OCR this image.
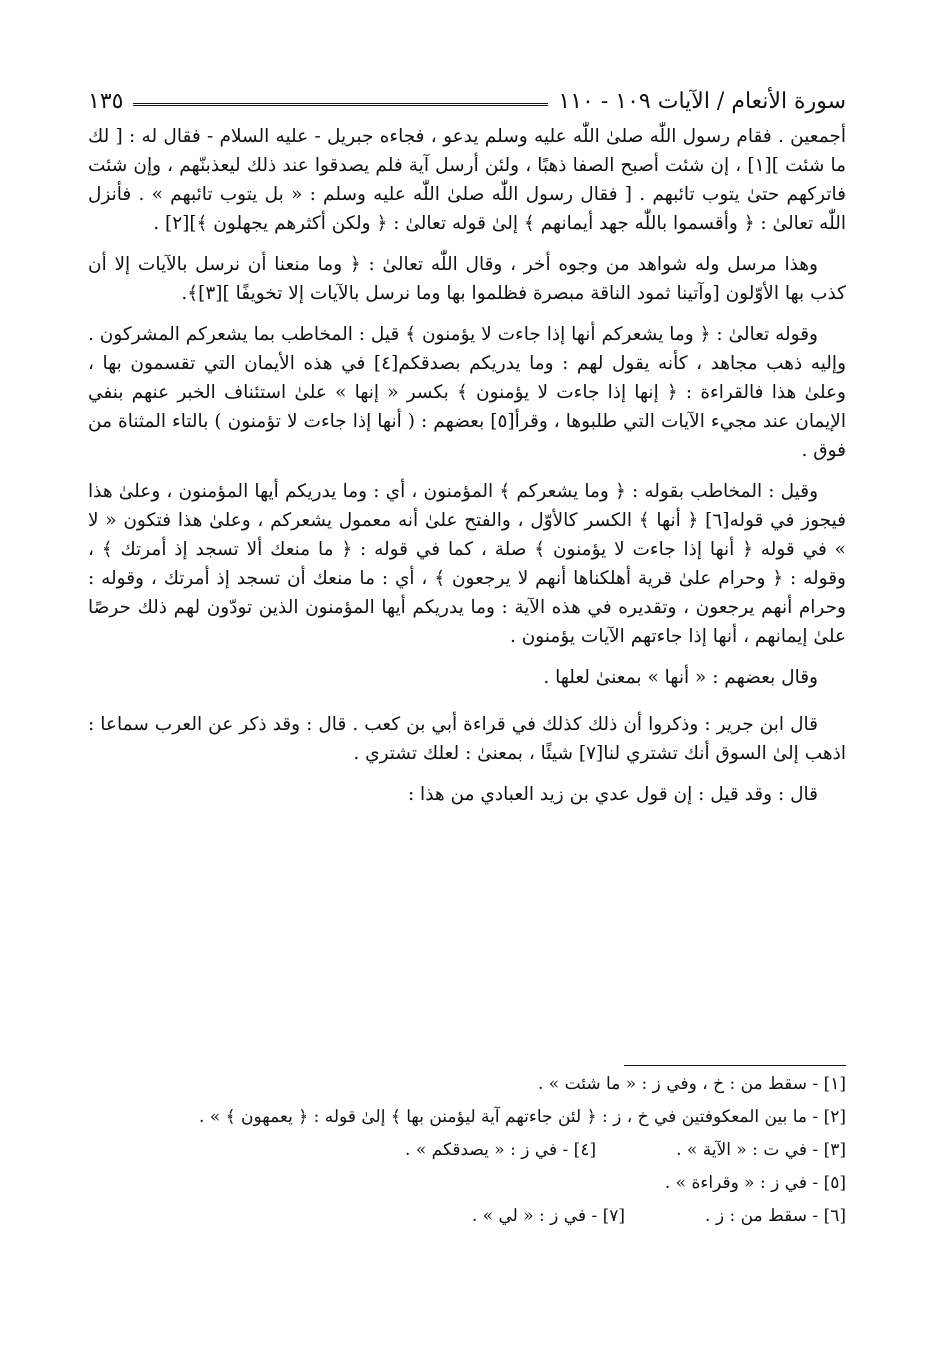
سورة الأنعام / الآيات ١٠٩ - ١١٠
١٣٥

أجمعين . فقام رسول اللّٰه صلىٰ اللّٰه عليه وسلم يدعو ، فجاءه جبريل - عليه السلام - فقال له : [ لك ما شئت ][١] ، إن شئت أصبح الصفا ذهبًا ، ولئن أرسل آية فلم يصدقوا عند ذلك ليعذبنّهم ، وإن شئت فاتركهم حتىٰ يتوب تائبهم . [ فقال رسول اللّٰه صلىٰ اللّٰه عليه وسلم : « بل يتوب تائبهم » . فأنزل اللّٰه تعالىٰ : ﴿ وأقسموا باللّٰه جهد أيمانهم ﴾ إلىٰ قوله تعالىٰ : ﴿ ولكن أكثرهم يجهلون ﴾][٢] .

وهذا مرسل وله شواهد من وجوه أخر ، وقال اللّٰه تعالىٰ : ﴿ وما منعنا أن نرسل بالآيات إلا أن كذب بها الأوّلون [وآتينا ثمود الناقة مبصرة فظلموا بها وما نرسل بالآيات إلا تخويفًا ][٣]﴾.

وقوله تعالىٰ : ﴿ وما يشعركم أنها إذا جاءت لا يؤمنون ﴾ قيل : المخاطب بما يشعركم المشركون . وإليه ذهب مجاهد ، كأنه يقول لهم : وما يدريكم بصدقكم[٤] في هذه الأيمان التي تقسمون بها ، وعلىٰ هذا فالقراءة : ﴿ إنها إذا جاءت لا يؤمنون ﴾ بكسر « إنها » علىٰ استئناف الخبر عنهم بنفي الإيمان عند مجيء الآيات التي طلبوها ، وقرأ[٥] بعضهم : ( أنها إذا جاءت لا تؤمنون ) بالتاء المثناة من فوق .

وقيل : المخاطب بقوله : ﴿ وما يشعركم ﴾ المؤمنون ، أي : وما يدريكم أيها المؤمنون ، وعلىٰ هذا فيجوز في قوله[٦] ﴿ أنها ﴾ الكسر كالأوّل ، والفتح علىٰ أنه معمول يشعركم ، وعلىٰ هذا فتكون « لا » في قوله ﴿ أنها إذا جاءت لا يؤمنون ﴾ صلة ، كما في قوله : ﴿ ما منعك ألا تسجد إذ أمرتك ﴾ ، وقوله : ﴿ وحرام علىٰ قرية أهلكناها أنهم لا يرجعون ﴾ ، أي : ما منعك أن تسجد إذ أمرتك ، وقوله : وحرام أنهم يرجعون ، وتقديره في هذه الآية : وما يدريكم أيها المؤمنون الذين تودّون لهم ذلك حرصًا علىٰ إيمانهم ، أنها إذا جاءتهم الآيات يؤمنون .

وقال بعضهم : « أنها » بمعنىٰ لعلها .

قال ابن جرير : وذكروا أن ذلك كذلك في قراءة أبي بن كعب . قال : وقد ذكر عن العرب سماعا : اذهب إلىٰ السوق أنك تشتري لنا[٧] شيئًا ، بمعنىٰ : لعلك تشتري .

قال : وقد قيل : إن قول عدي بن زيد العبادي من هذا :

[١] - سقط من : خ ، وفي ز : « ما شئت » .
[٢] - ما بين المعكوفتين في خ ، ز : ﴿ لئن جاءتهم آية ليؤمنن بها ﴾ إلىٰ قوله : ﴿ يعمهون ﴾ » .
[٣] - في ت : « الآية » .
[٤] - في ز : « يصدقكم » .
[٥] - في ز : « وقراءة » .
[٦] - سقط من : ز .
[٧] - في ز : « لي » .
